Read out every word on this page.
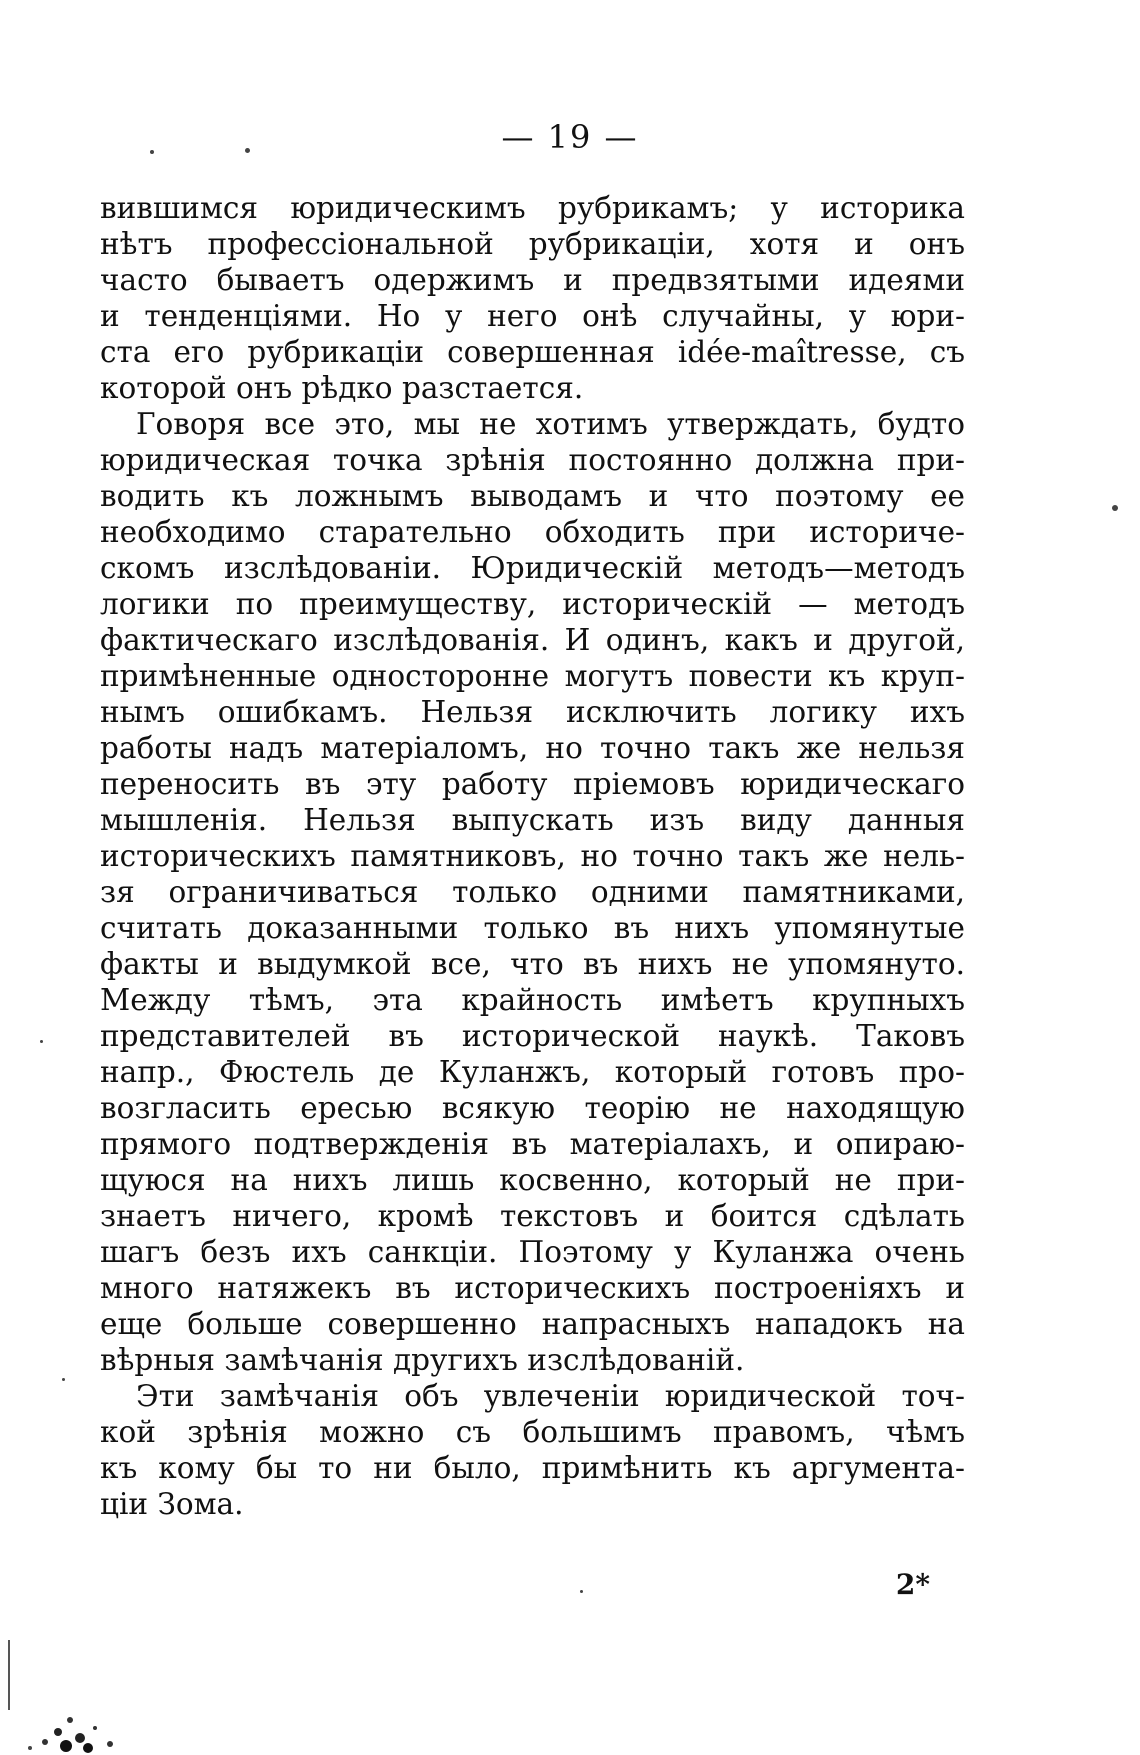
— 19 —
вившимся юридическимъ рубрикамъ; у историка
нѣтъ профессіональной рубрикаціи, хотя и онъ
часто бываетъ одержимъ и предвзятыми идеями
и тенденціями. Но у него онѣ случайны, у юри-
ста его рубрикаціи совершенная idée-maîtresse, съ
которой онъ рѣдко разстается.
Говоря все это, мы не хотимъ утверждать, будто
юридическая точка зрѣнія постоянно должна при-
водить къ ложнымъ выводамъ и что поэтому ее
необходимо старательно обходить при историче-
скомъ изслѣдованіи. Юридическій методъ—методъ
логики по преимуществу, историческій — методъ
фактическаго изслѣдованія. И одинъ, какъ и другой,
примѣненные односторонне могутъ повести къ круп-
нымъ ошибкамъ. Нельзя исключить логику ихъ
работы надъ матеріаломъ, но точно такъ же нельзя
переносить въ эту работу пріемовъ юридическаго
мышленія. Нельзя выпускать изъ виду данныя
историческихъ памятниковъ, но точно такъ же нель-
зя ограничиваться только одними памятниками,
считать доказанными только въ нихъ упомянутые
факты и выдумкой все, что въ нихъ не упомянуто.
Между тѣмъ, эта крайность имѣетъ крупныхъ
представителей въ исторической наукѣ. Таковъ
напр., Фюстель де Куланжъ, который готовъ про-
возгласить ересью всякую теорію не находящую
прямого подтвержденія въ матеріалахъ, и опираю-
щуюся на нихъ лишь косвенно, который не при-
знаетъ ничего, кромѣ текстовъ и боится сдѣлать
шагъ безъ ихъ санкціи. Поэтому у Куланжа очень
много натяжекъ въ историческихъ построеніяхъ и
еще больше совершенно напрасныхъ нападокъ на
вѣрныя замѣчанія другихъ изслѣдованій.
Эти замѣчанія объ увлеченіи юридической точ-
кой зрѣнія можно съ большимъ правомъ, чѣмъ
къ кому бы то ни было, примѣнить къ аргумента-
ціи Зома.
2*
